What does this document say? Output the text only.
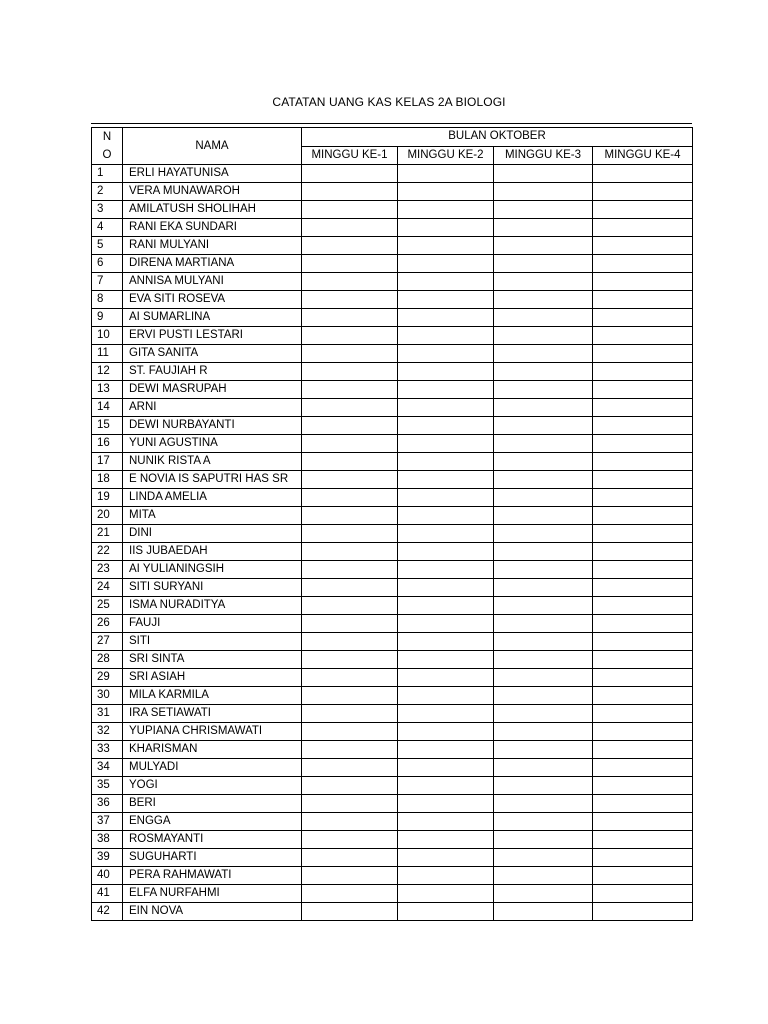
CATATAN UANG KAS KELAS 2A BIOLOGI
N
O	NAMA	BULAN OKTOBER			
		MINGGU KE-1	MINGGU KE-2	MINGGU KE-3	MINGGU KE-4
1	ERLI HAYATUNISA				
2	VERA MUNAWAROH				
3	AMILATUSH SHOLIHAH				
4	RANI EKA SUNDARI				
5	RANI MULYANI				
6	DIRENA MARTIANA				
7	ANNISA MULYANI				
8	EVA SITI ROSEVA				
9	AI SUMARLINA				
10	ERVI PUSTI LESTARI				
11	GITA SANITA				
12	ST. FAUJIAH R				
13	DEWI MASRUPAH				
14	ARNI				
15	DEWI NURBAYANTI				
16	YUNI AGUSTINA				
17	NUNIK RISTA A				
18	E NOVIA IS SAPUTRI HAS SR				
19	LINDA AMELIA				
20	MITA				
21	DINI				
22	IIS JUBAEDAH				
23	AI YULIANINGSIH				
24	SITI SURYANI				
25	ISMA NURADITYA				
26	FAUJI				
27	SITI				
28	SRI SINTA				
29	SRI ASIAH				
30	MILA KARMILA				
31	IRA SETIAWATI				
32	YUPIANA CHRISMAWATI				
33	KHARISMAN				
34	MULYADI				
35	YOGI				
36	BERI				
37	ENGGA				
38	ROSMAYANTI				
39	SUGUHARTI				
40	PERA RAHMAWATI				
41	ELFA NURFAHMI				
42	EIN NOVA				
